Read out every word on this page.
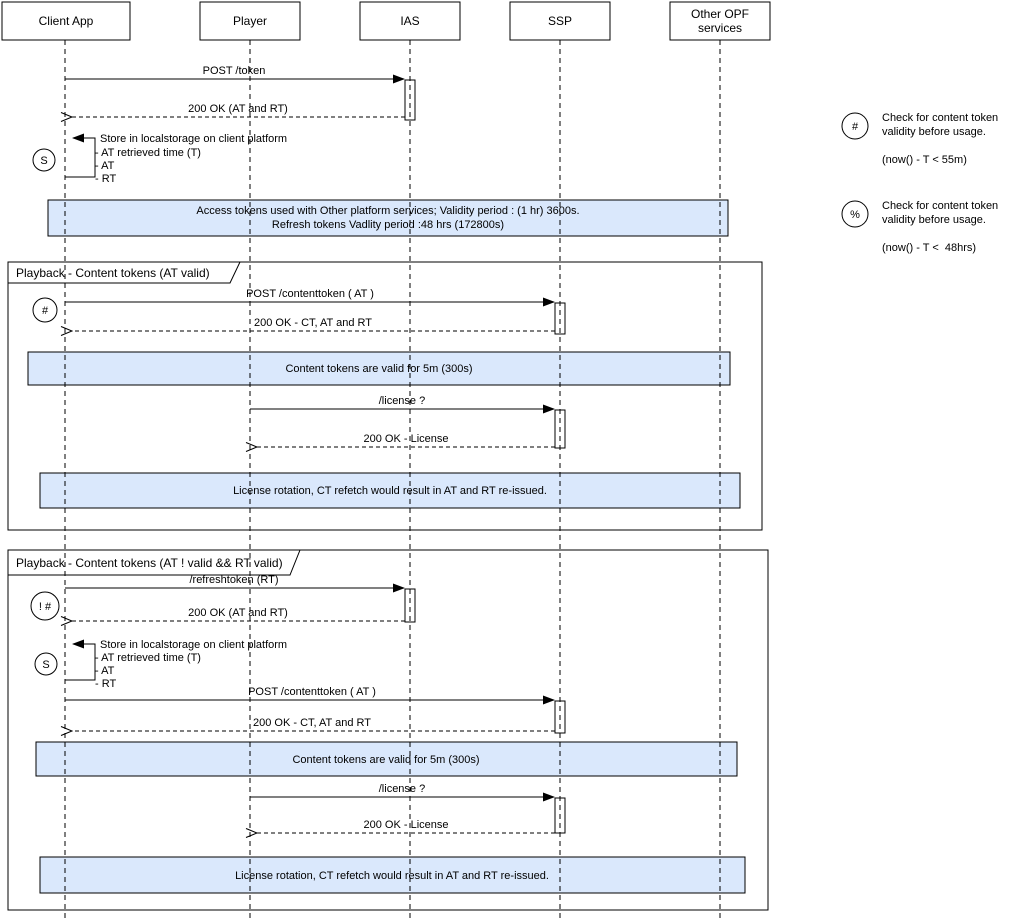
Client App	Player	IAS	SSP	Other OPF
services
S
#
! #
S
Playback - Content tokens (AT valid)
Playback - Content tokens (AT ! valid && RT valid)
POST /token
200 OK (AT and RT)
Store in localstorage on client platform
- AT retrieved time (T)
- AT
- RT
Access tokens used with Other platform services; Validity period : (1 hr) 3600s.
Refresh tokens Vadlity period :48 hrs (172800s)
POST /contenttoken ( AT )
200 OK - CT, AT and RT
Content tokens are valid for 5m (300s)
/license ?
200 OK - License
License rotation, CT refetch would result in AT and RT re-issued.
/refreshtoken (RT)
200 OK (AT and RT)
Store in localstorage on client platform
- AT retrieved time (T)
- AT
- RT
POST /contenttoken ( AT )
200 OK - CT, AT and RT
Content tokens are valid for 5m (300s)
/license ?
200 OK - License
License rotation, CT refetch would result in AT and RT re-issued.
#
Check for content token
validity before usage.
(now() - T < 55m)
%
Check for content token
validity before usage.
(now() - T <  48hrs)
